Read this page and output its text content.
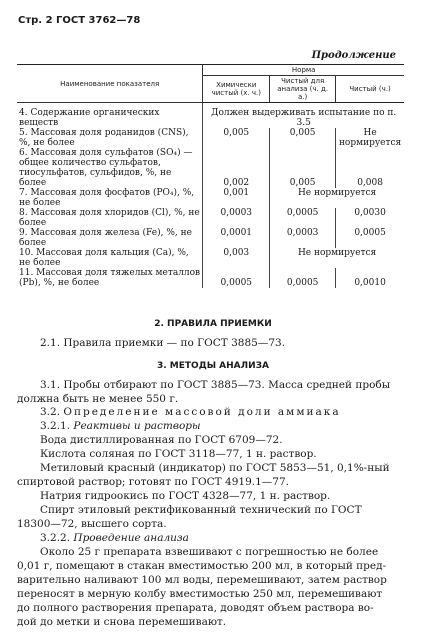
Стр. 2 ГОСТ 3762—78
Продолжение
Наименование показателя	Норма		
	Химически чистый (х. ч.)	Чистый для анализа (ч. д. а.)	Чистый (ч.)
4. Содержание органических веществ	Должен выдерживать испытание по п. 3.5		
5. Массовая доля роданидов (CNS), %, не более	0,005	0,005	Не нормируется
6. Массовая доля сульфатов (SO₄) — общее количество сульфатов, тиосульфатов, сульфидов, %, не более	0,002	0,005	0,008
7. Массовая доля фосфатов (PO₄), %, не более	0,001	Не нормируется	
8. Массовая доля хлоридов (Cl), %, не более	0,0003	0,0005	0,0030
9. Массовая доля железа (Fe), %, не более	0,0001	0,0003	0,0005
10. Массовая доля кальция (Ca), %, не более	0,003	Не нормируется	
11. Массовая доля тяжелых металлов (Pb), %, не более	0,0005	0,0005	0,0010
2. ПРАВИЛА ПРИЕМКИ
2.1. Правила приемки — по ГОСТ 3885—73.
3. МЕТОДЫ АНАЛИЗА
3.1. Пробы отбирают по ГОСТ 3885—73. Масса средней пробы
должна быть не менее 550 г.
3.2. Определение массовой доли аммиака
3.2.1. Реактивы и растворы
Вода дистиллированная по ГОСТ 6709—72.
Кислота соляная по ГОСТ 3118—77, 1 н. раствор.
Метиловый красный (индикатор) по ГОСТ 5853—51, 0,1%-ный
спиртовой раствор; готовят по ГОСТ 4919.1—77.
Натрия гидроокись по ГОСТ 4328—77, 1 н. раствор.
Спирт этиловый ректификованный технический по ГОСТ
18300—72, высшего сорта.
3.2.2. Проведение анализа
Около 25 г препарата взвешивают с погрешностью не более
0,01 г, помещают в стакан вместимостью 200 мл, в который пред-
варительно наливают 100 мл воды, перемешивают, затем раствор
переносят в мерную колбу вместимостью 250 мл, перемешивают
до полного растворения препарата, доводят объем раствора во-
дой до метки и снова перемешивают.
